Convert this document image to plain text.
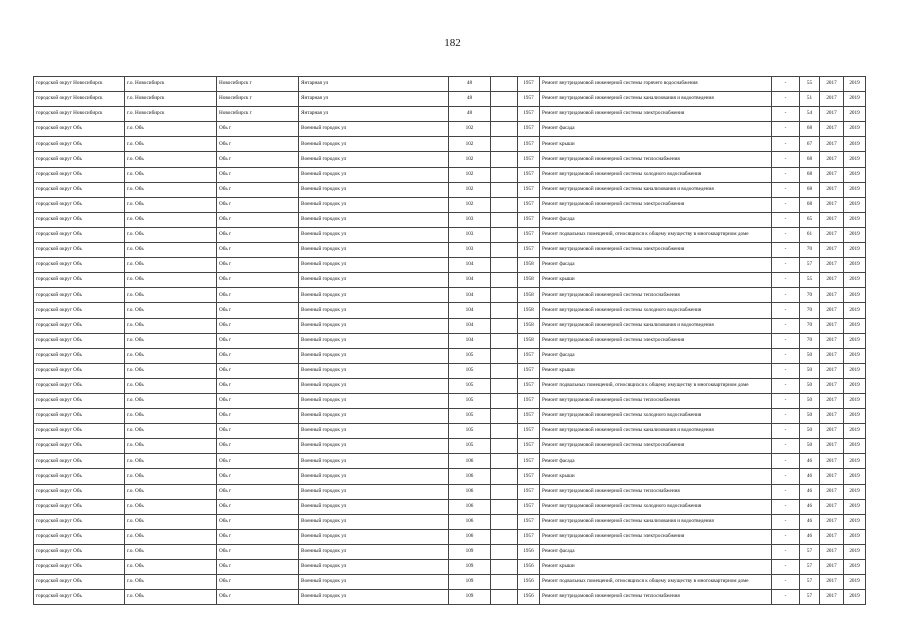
182
городской округ Новосибирск	г.о. Новосибирск	Новосибирск г	Янтарная ул	48		1957	Ремонт внутридомовой инженерной системы горячего водоснабжения	-	55	2017	2019
городской округ Новосибирск	г.о. Новосибирск	Новосибирск г	Янтарная ул	48		1957	Ремонт внутридомовой инженерной системы канализования и водоотведения	-	51	2017	2019
городской округ Новосибирск	г.о. Новосибирск	Новосибирск г	Янтарная ул	48		1957	Ремонт внутридомовой инженерной системы электроснабжения	-	54	2017	2019
городской округ Обь	г.о. Обь	Обь г	Военный городок ул	102		1957	Ремонт фасада	-	68	2017	2019
городской округ Обь	г.о. Обь	Обь г	Военный городок ул	102		1957	Ремонт крыши	-	67	2017	2019
городской округ Обь	г.о. Обь	Обь г	Военный городок ул	102		1957	Ремонт внутридомовой инженерной системы теплоснабжения	-	68	2017	2019
городской округ Обь	г.о. Обь	Обь г	Военный городок ул	102		1957	Ремонт внутридомовой инженерной системы холодного водоснабжения	-	68	2017	2019
городской округ Обь	г.о. Обь	Обь г	Военный городок ул	102		1957	Ремонт внутридомовой инженерной системы канализования и водоотведения	-	68	2017	2019
городской округ Обь	г.о. Обь	Обь г	Военный городок ул	102		1957	Ремонт внутридомовой инженерной системы электроснабжения	-	68	2017	2019
городской округ Обь	г.о. Обь	Обь г	Военный городок ул	103		1957	Ремонт фасада	-	65	2017	2019
городской округ Обь	г.о. Обь	Обь г	Военный городок ул	103		1957	Ремонт подвальных помещений, относящихся к общему имуществу в многоквартирном доме	-	61	2017	2019
городской округ Обь	г.о. Обь	Обь г	Военный городок ул	103		1957	Ремонт внутридомовой инженерной системы электроснабжения	-	70	2017	2019
городской округ Обь	г.о. Обь	Обь г	Военный городок ул	104		1958	Ремонт фасада	-	57	2017	2019
городской округ Обь	г.о. Обь	Обь г	Военный городок ул	104		1958	Ремонт крыши	-	55	2017	2019
городской округ Обь	г.о. Обь	Обь г	Военный городок ул	104		1958	Ремонт внутридомовой инженерной системы теплоснабжения	-	70	2017	2019
городской округ Обь	г.о. Обь	Обь г	Военный городок ул	104		1958	Ремонт внутридомовой инженерной системы холодного водоснабжения	-	70	2017	2019
городской округ Обь	г.о. Обь	Обь г	Военный городок ул	104		1958	Ремонт внутридомовой инженерной системы канализования и водоотведения	-	70	2017	2019
городской округ Обь	г.о. Обь	Обь г	Военный городок ул	104		1958	Ремонт внутридомовой инженерной системы электроснабжения	-	70	2017	2019
городской округ Обь	г.о. Обь	Обь г	Военный городок ул	105		1957	Ремонт фасада	-	50	2017	2019
городской округ Обь	г.о. Обь	Обь г	Военный городок ул	105		1957	Ремонт крыши	-	50	2017	2019
городской округ Обь	г.о. Обь	Обь г	Военный городок ул	105		1957	Ремонт подвальных помещений, относящихся к общему имуществу в многоквартирном доме	-	50	2017	2019
городской округ Обь	г.о. Обь	Обь г	Военный городок ул	105		1957	Ремонт внутридомовой инженерной системы теплоснабжения	-	50	2017	2019
городской округ Обь	г.о. Обь	Обь г	Военный городок ул	105		1957	Ремонт внутридомовой инженерной системы холодного водоснабжения	-	50	2017	2019
городской округ Обь	г.о. Обь	Обь г	Военный городок ул	105		1957	Ремонт внутридомовой инженерной системы канализования и водоотведения	-	50	2017	2019
городской округ Обь	г.о. Обь	Обь г	Военный городок ул	105		1957	Ремонт внутридомовой инженерной системы электроснабжения	-	50	2017	2019
городской округ Обь	г.о. Обь	Обь г	Военный городок ул	106		1957	Ремонт фасада	-	46	2017	2019
городской округ Обь	г.о. Обь	Обь г	Военный городок ул	106		1957	Ремонт крыши	-	46	2017	2019
городской округ Обь	г.о. Обь	Обь г	Военный городок ул	106		1957	Ремонт внутридомовой инженерной системы теплоснабжения	-	46	2017	2019
городской округ Обь	г.о. Обь	Обь г	Военный городок ул	106		1957	Ремонт внутридомовой инженерной системы холодного водоснабжения	-	46	2017	2019
городской округ Обь	г.о. Обь	Обь г	Военный городок ул	106		1957	Ремонт внутридомовой инженерной системы канализования и водоотведения	-	46	2017	2019
городской округ Обь	г.о. Обь	Обь г	Военный городок ул	106		1957	Ремонт внутридомовой инженерной системы электроснабжения	-	46	2017	2019
городской округ Обь	г.о. Обь	Обь г	Военный городок ул	109		1956	Ремонт фасада	-	57	2017	2019
городской округ Обь	г.о. Обь	Обь г	Военный городок ул	109		1956	Ремонт крыши	-	57	2017	2019
городской округ Обь	г.о. Обь	Обь г	Военный городок ул	109		1956	Ремонт подвальных помещений, относящихся к общему имуществу в многоквартирном доме	-	57	2017	2019
городской округ Обь	г.о. Обь	Обь г	Военный городок ул	109		1956	Ремонт внутридомовой инженерной системы теплоснабжения	-	57	2017	2019
